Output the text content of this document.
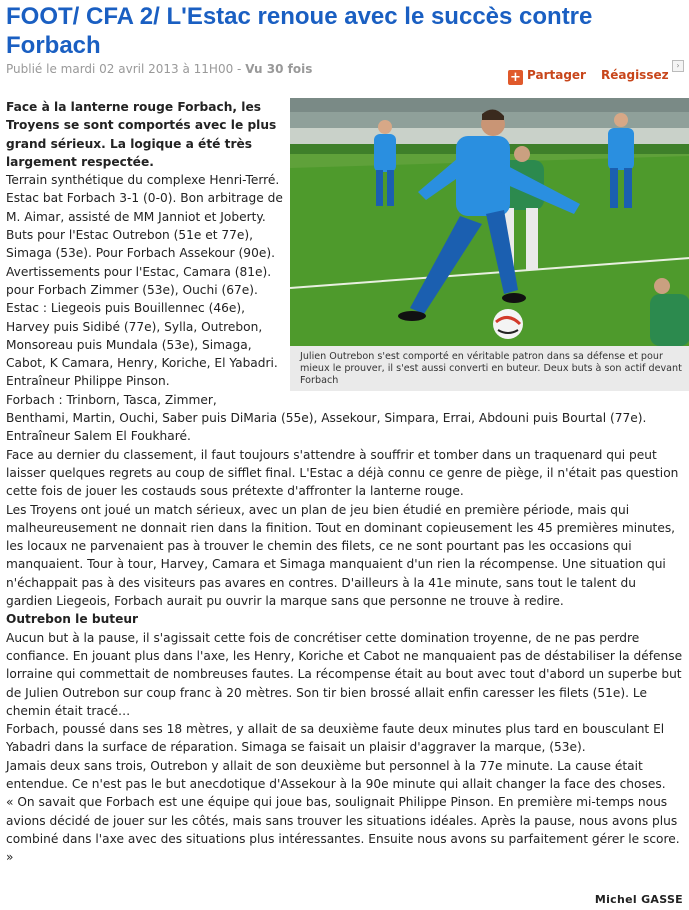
FOOT/ CFA 2/ L'Estac renoue avec le succès contre Forbach
Publié le mardi 02 avril 2013 à 11H00 - Vu 30 fois
+ Partager Réagissez
›
Julien Outrebon s'est comporté en véritable patron dans sa défense et pour mieux le prouver, il s'est aussi converti en buteur. Deux buts à son actif devant Forbach

Face à la lanterne rouge Forbach, les Troyens se sont comportés avec le plus grand sérieux. La logique a été très largement respectée.

Terrain synthétique du complexe Henri-Terré. Estac bat Forbach 3-1 (0-0). Bon arbitrage de M. Aimar, assisté de MM Janniot et Joberty. Buts pour l'Estac Outrebon (51e et 77e), Simaga (53e). Pour Forbach Assekour (90e). Avertissements pour l'Estac, Camara (81e). pour Forbach Zimmer (53e), Ouchi (67e).

Estac : Liegeois puis Bouillennec (46e), Harvey puis Sidibé (77e), Sylla, Outrebon, Monsoreau puis Mundala (53e), Simaga, Cabot, K Camara, Henry, Koriche, El Yabadri. Entraîneur Philippe Pinson.

Forbach : Trinborn, Tasca, Zimmer, Benthami, Martin, Ouchi, Saber puis DiMaria (55e), Assekour, Simpara, Errai, Abdouni puis Bourtal (77e). Entraîneur Salem El Foukharé.

Face au dernier du classement, il faut toujours s'attendre à souffrir et tomber dans un traquenard qui peut laisser quelques regrets au coup de sifflet final. L'Estac a déjà connu ce genre de piège, il n'était pas question cette fois de jouer les costauds sous prétexte d'affronter la lanterne rouge.

Les Troyens ont joué un match sérieux, avec un plan de jeu bien étudié en première période, mais qui malheureusement ne donnait rien dans la finition. Tout en dominant copieusement les 45 premières minutes, les locaux ne parvenaient pas à trouver le chemin des filets, ce ne sont pourtant pas les occasions qui manquaient. Tour à tour, Harvey, Camara et Simaga manquaient d'un rien la récompense. Une situation qui n'échappait pas à des visiteurs pas avares en contres. D'ailleurs à la 41e minute, sans tout le talent du gardien Liegeois, Forbach aurait pu ouvrir la marque sans que personne ne trouve à redire.

Outrebon le buteur

Aucun but à la pause, il s'agissait cette fois de concrétiser cette domination troyenne, de ne pas perdre confiance. En jouant plus dans l'axe, les Henry, Koriche et Cabot ne manquaient pas de déstabiliser la défense lorraine qui commettait de nombreuses fautes. La récompense était au bout avec tout d'abord un superbe but de Julien Outrebon sur coup franc à 20 mètres. Son tir bien brossé allait enfin caresser les filets (51e). Le chemin était tracé…

Forbach, poussé dans ses 18 mètres, y allait de sa deuxième faute deux minutes plus tard en bousculant El Yabadri dans la surface de réparation. Simaga se faisait un plaisir d'aggraver la marque, (53e).

Jamais deux sans trois, Outrebon y allait de son deuxième but personnel à la 77e minute. La cause était entendue. Ce n'est pas le but anecdotique d'Assekour à la 90e minute qui allait changer la face des choses.

« On savait que Forbach est une équipe qui joue bas, soulignait Philippe Pinson. En première mi-temps nous avions décidé de jouer sur les côtés, mais sans trouver les situations idéales. Après la pause, nous avons plus combiné dans l'axe avec des situations plus intéressantes. Ensuite nous avons su parfaitement gérer le score. »

Michel GASSE
